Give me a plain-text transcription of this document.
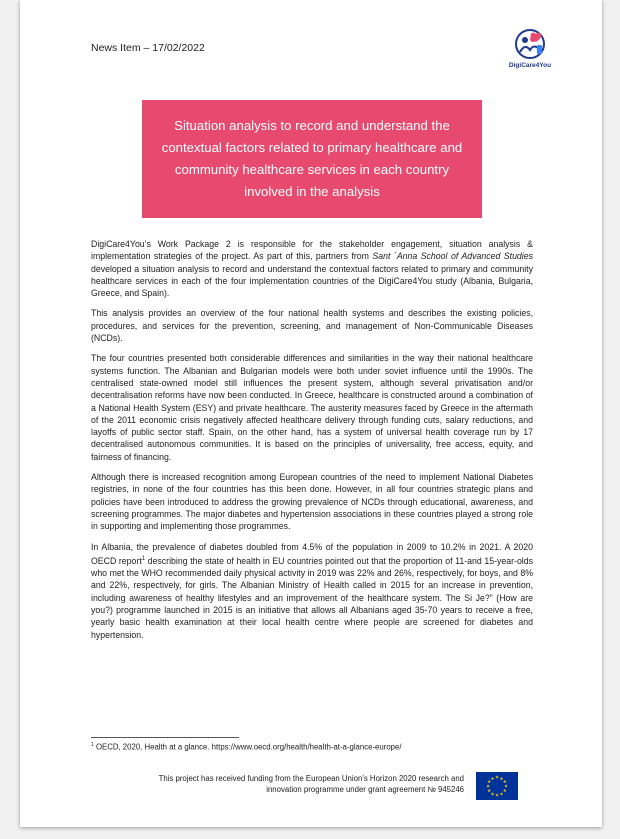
News Item – 17/02/2022
DigiCare4You
Situation analysis to record and understand the contextual factors related to primary healthcare and community healthcare services in each country involved in the analysis

DigiCare4You’s Work Package 2 is responsible for the stakeholder engagement, situation analysis & implementation strategies of the project. As part of this, partners from Sant ´Anna School of Advanced Studies developed a situation analysis to record and understand the contextual factors related to primary and community healthcare services in each of the four implementation countries of the DigiCare4You study (Albania, Bulgaria, Greece, and Spain).

This analysis provides an overview of the four national health systems and describes the existing policies, procedures, and services for the prevention, screening, and management of Non-Communicable Diseases (NCDs).

The four countries presented both considerable differences and similarities in the way their national healthcare systems function. The Albanian and Bulgarian models were both under soviet influence until the 1990s. The centralised state-owned model still influences the present system, although several privatisation and/or decentralisation reforms have now been conducted. In Greece, healthcare is constructed around a combination of a National Health System (ESY) and private healthcare. The austerity measures faced by Greece in the aftermath of the 2011 economic crisis negatively affected healthcare delivery through funding cuts, salary reductions, and layoffs of public sector staff. Spain, on the other hand, has a system of universal health coverage run by 17 decentralised autonomous communities. It is based on the principles of universality, free access, equity, and fairness of financing.

Although there is increased recognition among European countries of the need to implement National Diabetes registries, in none of the four countries has this been done. However, in all four countries strategic plans and policies have been introduced to address the growing prevalence of NCDs through educational, awareness, and screening programmes. The major diabetes and hypertension associations in these countries played a strong role in supporting and implementing those programmes.

In Albania, the prevalence of diabetes doubled from 4.5% of the population in 2009 to 10.2% in 2021. A 2020 OECD report$^1$ describing the state of health in EU countries pointed out that the proportion of 11-and 15-year-olds who met the WHO recommended daily physical activity in 2019 was 22% and 26%, respectively, for boys, and 8% and 22%, respectively, for girls. The Albanian Ministry of Health called in 2015 for an increase in prevention, including awareness of healthy lifestyles and an improvement of the healthcare system. The Si Je?” (How are you?) programme launched in 2015 is an initiative that allows all Albanians aged 35-70 years to receive a free, yearly basic health examination at their local health centre where people are screened for diabetes and hypertension.

$^1$ OECD, 2020, Health at a glance. https://www.oecd.org/health/health-at-a-glance-europe/
This project has received funding from the European Union’s Horizon 2020 research and
innovation programme under grant agreement № 945246	★
★
★
★
★
★
★
★
★ ★ ★
★
